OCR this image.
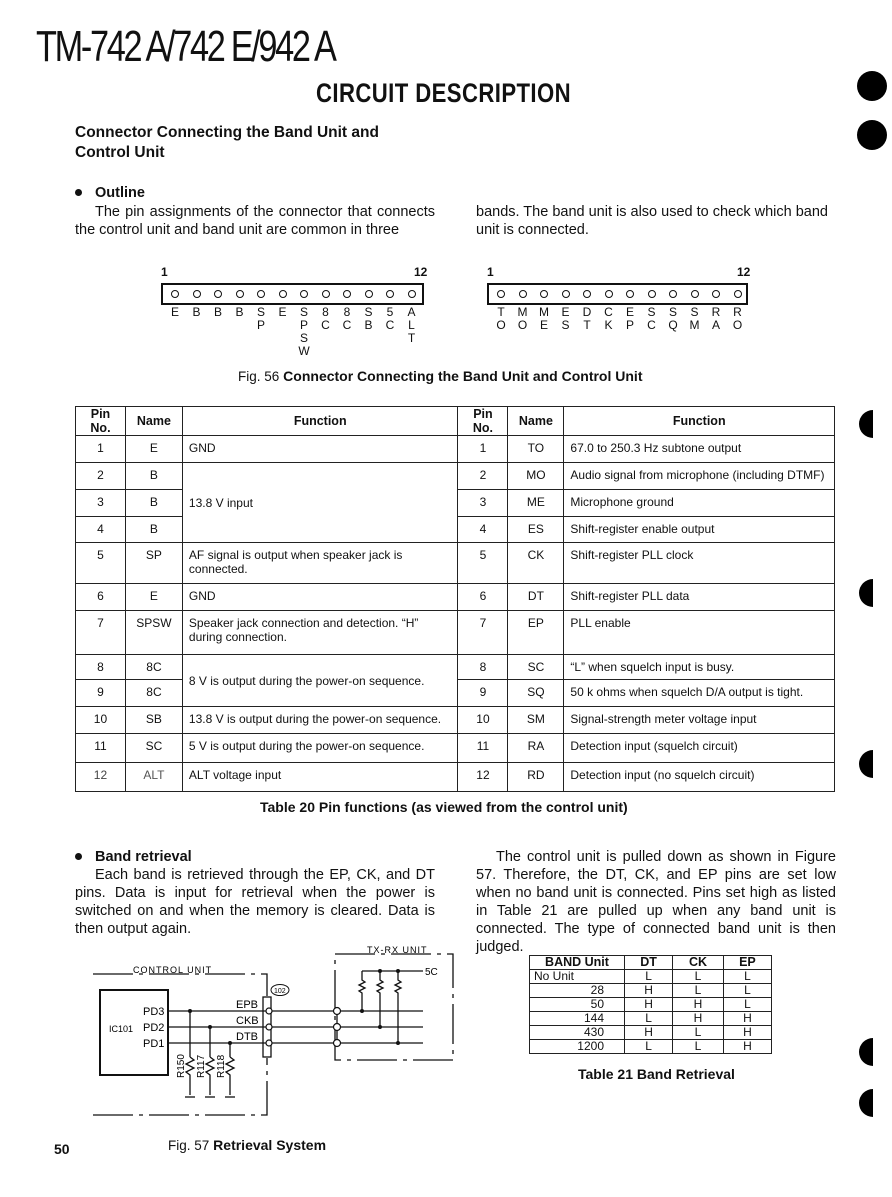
TM-742 A/742 E/942 A
CIRCUIT DESCRIPTION
Connector Connecting the Band Unit and
Control Unit
Outline
The pin assignments of the connector that connects the control unit and band unit are common in three
bands. The band unit is also used to check which band unit is connected.
1	12
E	B	B	B	S
P
E	S
P
S
W
8
C
8
C
S
B
5
C
A
L
T
1	12
T
O
M
O
M
E
E
S
D
T
C
K
E
P
S
C
S
Q
S
M
R
A
R
O
Fig. 56 Connector Connecting the Band Unit and Control Unit
Pin No.	Name	Function	Pin No.	Name	Function
1	E	GND	1	TO	67.0 to 250.3 Hz subtone output
2	B	13.8 V input	2	MO	Audio signal from microphone (including DTMF)
3	B		3	ME	Microphone ground
4	B		4	ES	Shift-register enable output
5	SP	AF signal is output when speaker jack is connected.	5	CK	Shift-register PLL clock
6	E	GND	6	DT	Shift-register PLL data
7	SPSW	Speaker jack connection and detection. “H” during connection.	7	EP	PLL enable
8	8C	8 V is output during the power-on sequence.	8	SC	“L” when squelch input is busy.
9	8C		9	SQ	50 k ohms when squelch D/A output is tight.
10	SB	13.8 V is output during the power-on sequence.	10	SM	Signal-strength meter voltage input
11	SC	5 V is output during the power-on sequence.	11	RA	Detection input (squelch circuit)
12	ALT	ALT voltage input	12	RD	Detection input (no squelch circuit)
Table 20 Pin functions (as viewed from the control unit)
Band retrieval
Each band is retrieved through the EP, CK, and DT pins. Data is input for retrieval when the power is switched on and when the memory is cleared. Data is then output again.
The control unit is pulled down as shown in Figure 57. Therefore, the DT, CK, and EP pins are set low when no band unit is connected. Pins set high as listed in Table 21 are pulled up when any band unit is connected. The type of connected band unit is then judged.
CONTROL UNIT
TX-RX UNIT
5C
IC101
PD3
PD2
PD1
EPB
CKB
DTB
R150 R117 R118
102
Fig. 57 Retrieval System
BAND Unit	DT	CK	EP
No Unit	L	L	L
28	H	L	L
50	H	H	L
144	L	H	H
430	H	L	H
1200	L	L	H
Table 21 Band Retrieval
50
